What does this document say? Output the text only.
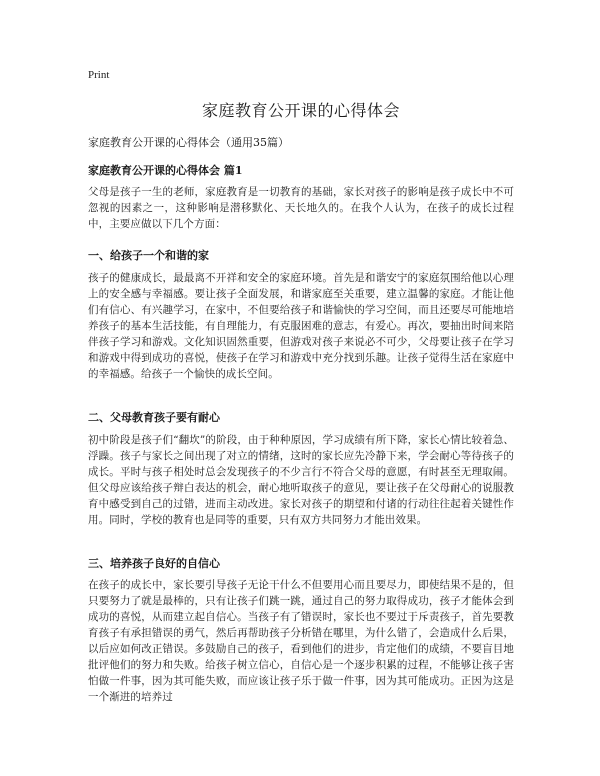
Print
家庭教育公开课的心得体会

家庭教育公开课的心得体会（通用35篇）

家庭教育公开课的心得体会 篇1

父母是孩子一生的老师，家庭教育是一切教育的基础，家长对孩子的影响是孩子成长中不可忽视的因素之一，这种影响是潜移默化、天长地久的。在我个人认为，在孩子的成长过程中，主要应做以下几个方面：

一、给孩子一个和谐的家

孩子的健康成长，最最离不开祥和安全的家庭环境。首先是和谐安宁的家庭氛围给他以心理上的安全感与幸福感。要让孩子全面发展，和谐家庭至关重要，建立温馨的家庭。才能让他们有信心、有兴趣学习，在家中，不但要给孩子和谐愉快的学习空间，而且还要尽可能地培养孩子的基本生活技能，有自理能力，有克服困难的意志，有爱心。再次，要抽出时间来陪伴孩子学习和游戏。文化知识固然重要，但游戏对孩子来说必不可少，父母要让孩子在学习和游戏中得到成功的喜悦，使孩子在学习和游戏中充分找到乐趣。让孩子觉得生活在家庭中的幸福感。给孩子一个愉快的成长空间。

二、父母教育孩子要有耐心

初中阶段是孩子们“翻坎”的阶段，由于种种原因，学习成绩有所下降，家长心情比较着急、浮躁。孩子与家长之间出现了对立的情绪，这时的家长应先冷静下来，学会耐心等待孩子的成长。平时与孩子相处时总会发现孩子的不少言行不符合父母的意愿，有时甚至无理取闹。但父母应该给孩子辩白表达的机会，耐心地听取孩子的意见，要让孩子在父母耐心的说服教育中感受到自己的过错，进而主动改进。家长对孩子的期望和付诸的行动往往起着关键性作用。同时，学校的教育也是同等的重要，只有双方共同努力才能出效果。

三、培养孩子良好的自信心

在孩子的成长中，家长要引导孩子无论干什么不但要用心而且要尽力，即使结果不是的，但只要努力了就是最棒的，只有让孩子们跳一跳，通过自己的努力取得成功，孩子才能体会到成功的喜悦，从而建立起自信心。当孩子有了错误时，家长也不要过于斥责孩子，首先要教育孩子有承担错误的勇气，然后再帮助孩子分析错在哪里，为什么错了，会造成什么后果，以后应如何改正错误。多鼓励自己的孩子，看到他们的进步，肯定他们的成绩，不要盲目地批评他们的努力和失败。给孩子树立信心，自信心是一个逐步积累的过程，不能够让孩子害怕做一件事，因为其可能失败，而应该让孩子乐于做一件事，因为其可能成功。正因为这是一个渐进的培养过
